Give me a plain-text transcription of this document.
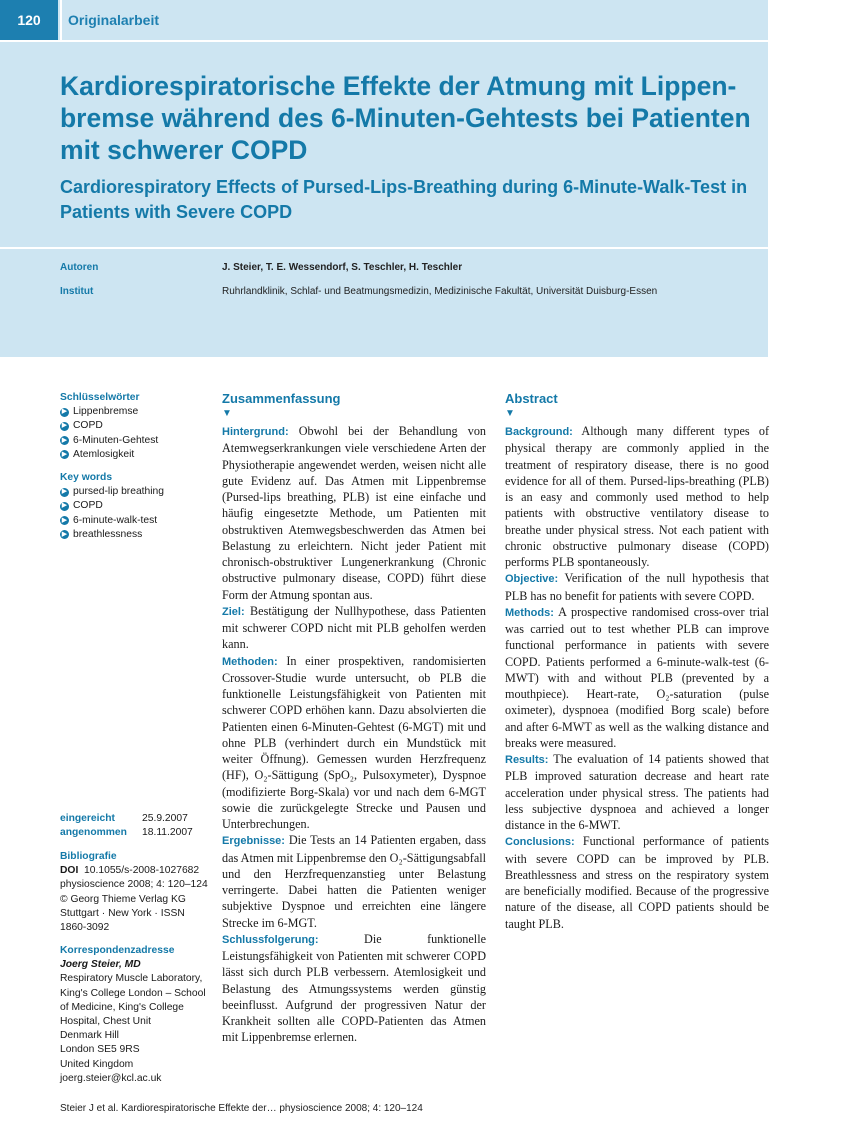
120	Originalarbeit
Kardiorespiratorische Effekte der Atmung mit Lippenbremse während des 6-Minuten-Gehtests bei Patienten mit schwerer COPD
Cardiorespiratory Effects of Pursed-Lips-Breathing during 6-Minute-Walk-Test in Patients with Severe COPD
Autoren	J. Steier, T. E. Wessendorf, S. Teschler, H. Teschler
Institut	Ruhrlandklinik, Schlaf- und Beatmungsmedizin, Medizinische Fakultät, Universität Duisburg-Essen
Schlüsselwörter
▶ Lippenbremse
▶ COPD
▶ 6-Minuten-Gehtest
▶ Atemlosigkeit
Key words
▶ pursed-lip breathing
▶ COPD
▶ 6-minute-walk-test
▶ breathlessness
eingereicht	25.9.2007
angenommen	18.11.2007
Bibliografie
DOI 10.1055/s-2008-1027682
physioscience 2008; 4: 120–124 © Georg Thieme Verlag KG Stuttgart · New York · ISSN 1860-3092
Korrespondenzadresse
Joerg Steier, MD
Respiratory Muscle Laboratory,
King's College London – School
of Medicine, King's College
Hospital, Chest Unit
Denmark Hill
London SE5 9RS
United Kingdom
joerg.steier@kcl.ac.uk
Zusammenfassung
▼

Hintergrund: Obwohl bei der Behandlung von Atemwegserkrankungen viele verschiedene Arten der Physiotherapie angewendet werden, weisen nicht alle gute Evidenz auf. Das Atmen mit Lippenbremse (Pursed-lips breathing, PLB) ist eine einfache und häufig eingesetzte Methode, um Patienten mit obstruktiven Atemwegsbeschwerden das Atmen bei Belastung zu erleichtern. Nicht jeder Patient mit chronisch-obstruktiver Lungenerkrankung (Chronic obstructive pulmonary disease, COPD) führt diese Form der Atmung spontan aus.

Ziel: Bestätigung der Nullhypothese, dass Patienten mit schwerer COPD nicht mit PLB geholfen werden kann.

Methoden: In einer prospektiven, randomisierten Crossover-Studie wurde untersucht, ob PLB die funktionelle Leistungsfähigkeit von Patienten mit schwerer COPD erhöhen kann. Dazu absolvierten die Patienten einen 6-Minuten-Gehtest (6-MGT) mit und ohne PLB (verhindert durch ein Mundstück mit weiter Öffnung). Gemessen wurden Herzfrequenz (HF), O₂-Sättigung (SpO₂, Pulsoxymeter), Dyspnoe (modifizierte Borg-Skala) vor und nach dem 6-MGT sowie die zurückgelegte Strecke und Pausen und Unterbrechungen.

Ergebnisse: Die Tests an 14 Patienten ergaben, dass das Atmen mit Lippenbremse den O₂-Sättigungsabfall und den Herzfrequenzanstieg unter Belastung verringerte. Dabei hatten die Patienten weniger subjektive Dyspnoe und erreichten eine längere Strecke im 6-MGT.

Schlussfolgerung:	Die funktionelle Leistungsfähigkeit von Patienten mit schwerer COPD lässt sich durch PLB verbessern. Atemlosigkeit und Belastung des Atmungssystems werden günstig beeinflusst. Aufgrund der progressiven Natur der Krankheit sollten alle COPD-Patienten das Atmen mit Lippenbremse erlernen.

Abstract
▼

Background: Although many different types of physical therapy are commonly applied in the treatment of respiratory disease, there is no good evidence for all of them. Pursed-lips-breathing (PLB) is an easy and commonly used method to help patients with obstructive ventilatory disease to breathe under physical stress. Not each patient with chronic obstructive pulmonary disease (COPD) performs PLB spontaneously.

Objective: Verification of the null hypothesis that PLB has no benefit for patients with severe COPD.

Methods: A prospective randomised cross-over trial was carried out to test whether PLB can improve functional performance in patients with severe COPD. Patients performed a 6-minute-walk-test (6-MWT) with and without PLB (prevented by a mouthpiece). Heart-rate, O₂-saturation (pulse oximeter), dyspnoea (modified Borg scale) before and after 6-MWT as well as the walking distance and breaks were measured.

Results: The evaluation of 14 patients showed that PLB improved saturation decrease and heart rate acceleration under physical stress. The patients had less subjective dyspnoea and achieved a longer distance in the 6-MWT.

Conclusions: Functional performance of patients with severe COPD can be improved by PLB. Breathlessness and stress on the respiratory system are beneficially modified. Because of the progressive nature of the disease, all COPD patients should be taught PLB.

Steier J et al. Kardiorespiratorische Effekte der… physioscience 2008; 4: 120–124
